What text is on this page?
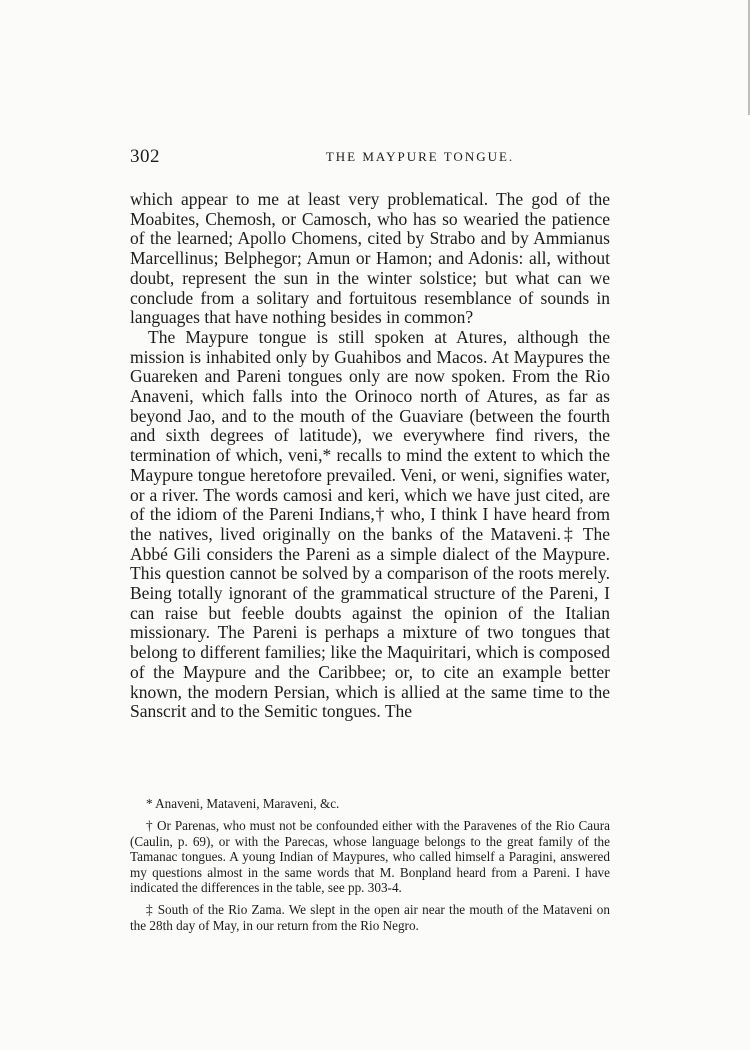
302	THE MAYPURE TONGUE.

which appear to me at least very problematical. The god of the Moabites, Chemosh, or Camosch, who has so wearied the patience of the learned; Apollo Chomens, cited by Strabo and by Ammianus Marcellinus; Belphegor; Amun or Hamon; and Adonis: all, without doubt, represent the sun in the winter solstice; but what can we conclude from a solitary and fortuitous resemblance of sounds in languages that have nothing besides in common?

The Maypure tongue is still spoken at Atures, although the mission is inhabited only by Guahibos and Macos. At Maypures the Guareken and Pareni tongues only are now spoken. From the Rio Anaveni, which falls into the Orinoco north of Atures, as far as beyond Jao, and to the mouth of the Guaviare (between the fourth and sixth degrees of latitude), we everywhere find rivers, the termination of which, veni,* recalls to mind the extent to which the Maypure tongue heretofore prevailed. Veni, or weni, signifies water, or a river. The words camosi and keri, which we have just cited, are of the idiom of the Pareni Indians,† who, I think I have heard from the natives, lived originally on the banks of the Mataveni.‡ The Abbé Gili considers the Pareni as a simple dialect of the Maypure. This question cannot be solved by a comparison of the roots merely. Being totally ignorant of the grammatical structure of the Pareni, I can raise but feeble doubts against the opinion of the Italian missionary. The Pareni is perhaps a mixture of two tongues that belong to different families; like the Maquiritari, which is composed of the Maypure and the Caribbee; or, to cite an example better known, the modern Persian, which is allied at the same time to the Sanscrit and to the Semitic tongues. The

* Anaveni, Mataveni, Maraveni, &c.

† Or Parenas, who must not be confounded either with the Paravenes of the Rio Caura (Caulin, p. 69), or with the Parecas, whose language belongs to the great family of the Tamanac tongues. A young Indian of Maypures, who called himself a Paragini, answered my questions almost in the same words that M. Bonpland heard from a Pareni. I have indicated the differences in the table, see pp. 303-4.

‡ South of the Rio Zama. We slept in the open air near the mouth of the Mataveni on the 28th day of May, in our return from the Rio Negro.
